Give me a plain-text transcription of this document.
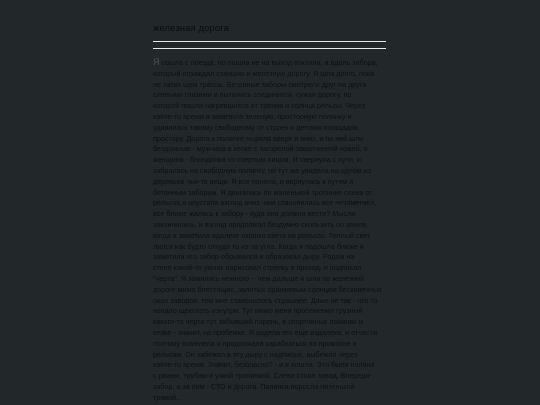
железная дорога
Я сошла с поезда, но пошла не на выход вокзала, а вдоль забора,
который ограждал станцию и железную дорогу. Я шла долго, пока
не затих шум трассы. Бетонные заборы смотрели друг на друга
слепыми глазами и пытались соединится, сужая дорогу, по
которой пошли нагревшиеся от трения и солнца рельсы. Через
какое-то время я заметила зеленую, просторную полянку и
удивилась такому свободному от строек и детских площадок,
простору. Дорога к полянке ныряла вверх и вниз, и по ней шли
бездомные - мужчина в кепке с загорелой-закопченной кожей, и
женщина - блондинка со стертым лицом. Я свернула с пути, и
забралась на свободную полянку, но тут же увидела на одном из
деревьев чьи-то вещи. Я все поняла, и вернулась к путям и
бетонным заборам. Я двигалась по маленькой тропинке слева от
рельсов,я опустила взгляд вниз -она становилась все незаметней,
все ближе жалась к забору - куда она должна вести? Мысли
закончились, и взгляд продолжал бездумно скользить по земле,
когда я заметила вдалеке окошко света на рельсах. Теплый свет
лился как будто откуда то из-за угла. Когда я подошла ближе я
заметила что забор обрывался и образовал дыру. Рядом на
стене какой-то умник нарисовал стрелку в проход, и подписал
"черта". Я замялась немного -- чем дальше я шла по железной
дороге мимо блестящих, залитых оранжевым солнцем бесконечных
окон заводов, тем мне становилось страшнее. Даже не так - что то
начало щекотать изнутри. Тут мимо меня просеменил грузный
какого-то черта тут забывший парень, в спортивных лосинах и
кепке - значит, на пробежке. Я видела его еще издалека, и отчасти
поэтому осмелела и продолжала карабкаться по промзоне и
рельсам. Он забежал в эту дыру с надписью, выбежал через
какое-то время. Значит, безопасно? - и я вошла. Это была поляна
с рвами, трубам и узкой тропинкой. Слева стоял завод. Впереди-
забор, а за ним - СТО и дорога. Полянка поросла низенькой
травой...
